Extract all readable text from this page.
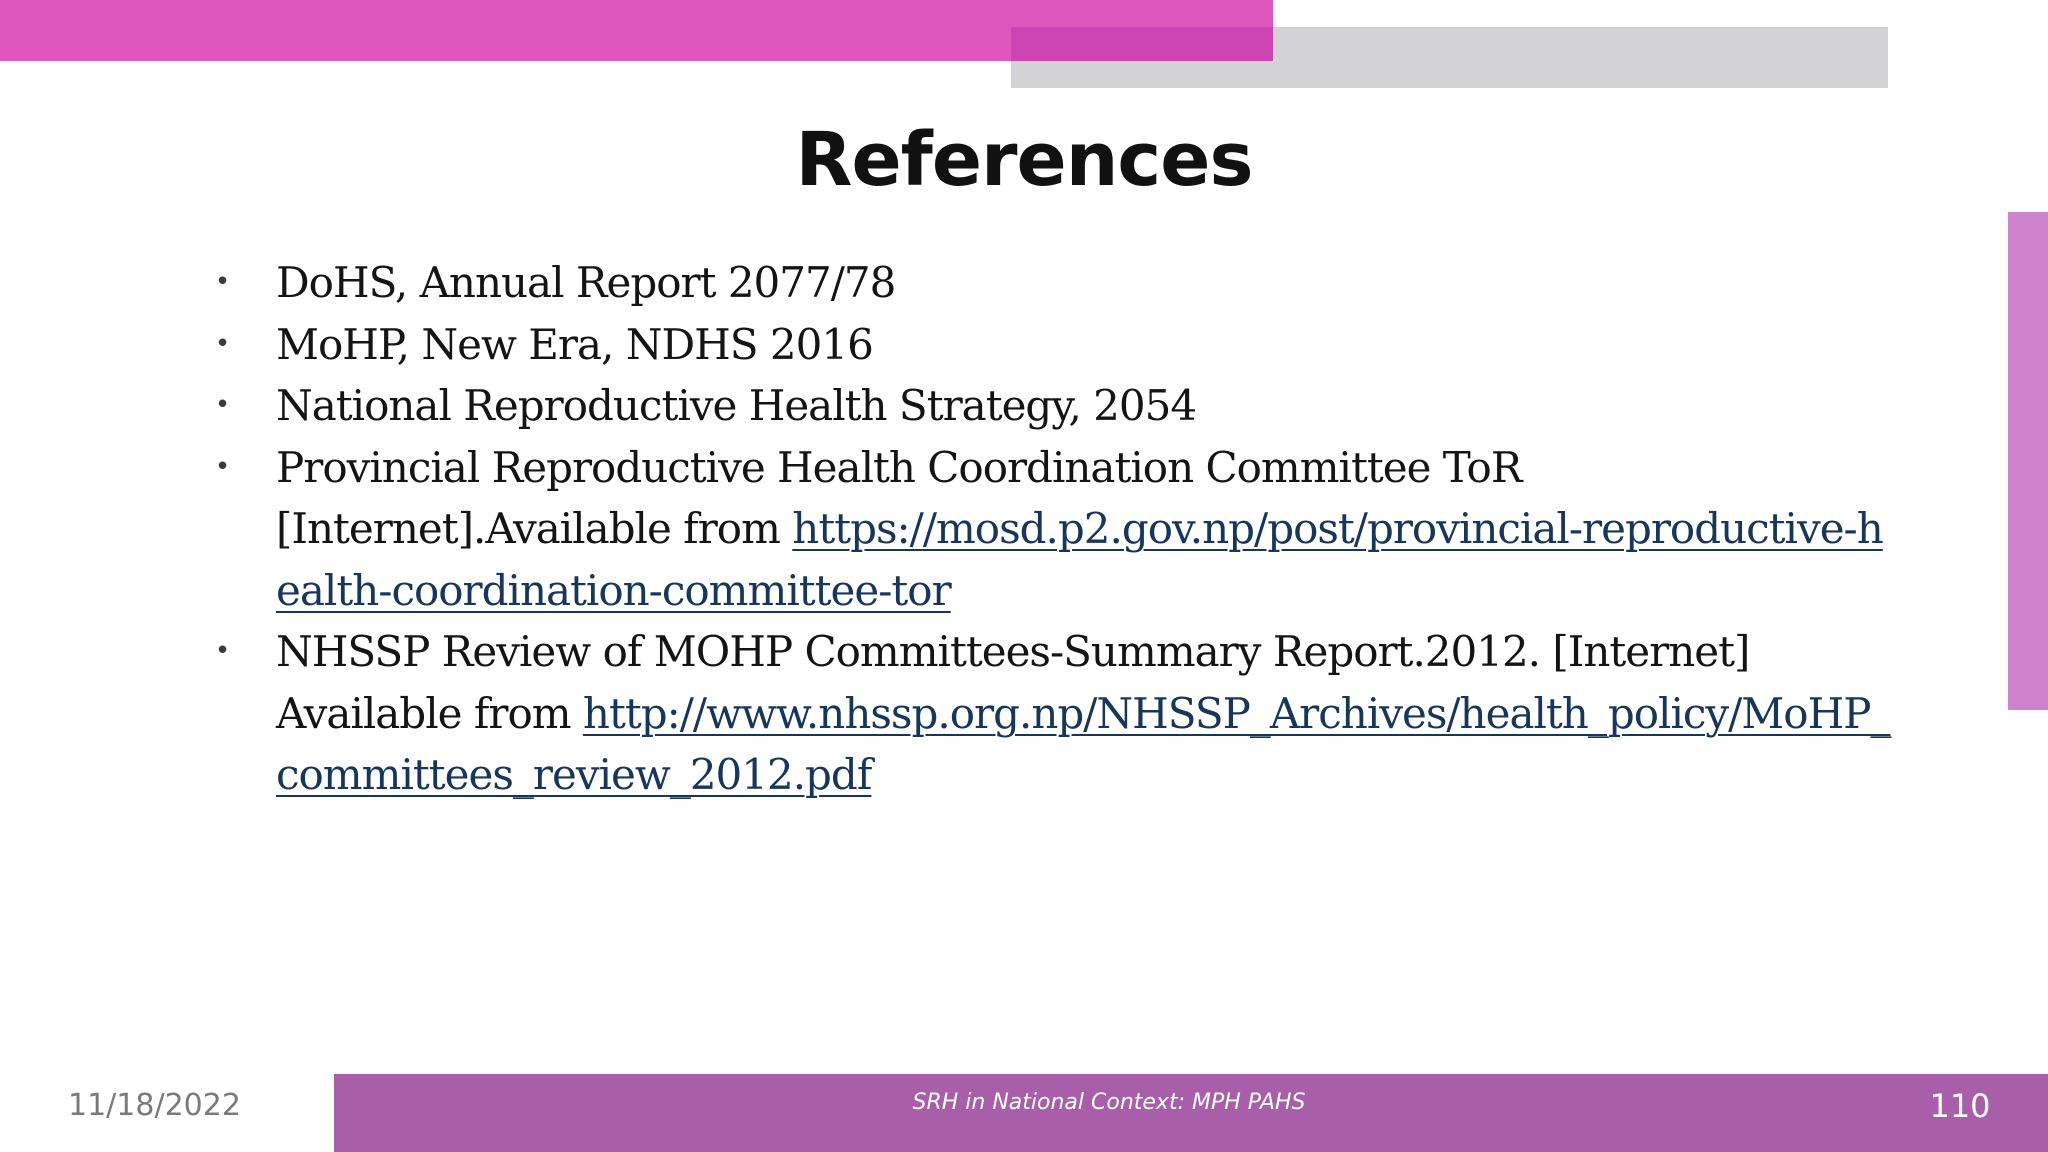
References
• DoHS, Annual Report 2077/78
• MoHP, New Era, NDHS 2016
• National Reproductive Health Strategy, 2054
• Provincial Reproductive Health Coordination Committee ToR [Internet].Available from https://mosd.p2.gov.np/post/provincial-reproductive-health-coordination-committee-tor
• NHSSP Review of MOHP Committees-Summary Report.2012. [Internet] Available from http://www.nhssp.org.np/NHSSP_Archives/health_policy/MoHP_committees_review_2012.pdf
11/18/2022	SRH in National Context: MPH PAHS	110
